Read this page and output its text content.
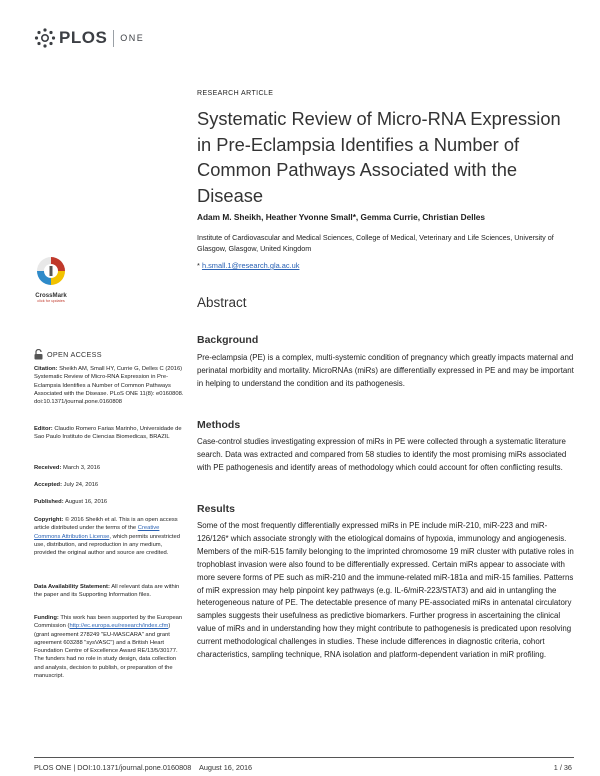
PLOS ONE
RESEARCH ARTICLE
Systematic Review of Micro-RNA Expression in Pre-Eclampsia Identifies a Number of Common Pathways Associated with the Disease
Adam M. Sheikh, Heather Yvonne Small*, Gemma Currie, Christian Delles
Institute of Cardiovascular and Medical Sciences, College of Medical, Veterinary and Life Sciences, University of Glasgow, Glasgow, United Kingdom
* h.small.1@research.gla.ac.uk
Abstract
Background

Pre-eclampsia (PE) is a complex, multi-systemic condition of pregnancy which greatly impacts maternal and perinatal morbidity and mortality. MicroRNAs (miRs) are differentially expressed in PE and may be important in helping to understand the condition and its pathogenesis.

Methods

Case-control studies investigating expression of miRs in PE were collected through a systematic literature search. Data was extracted and compared from 58 studies to identify the most promising miRs associated with PE pathogenesis and identify areas of methodology which could account for often conflicting results.

Results

Some of the most frequently differentially expressed miRs in PE include miR-210, miR-223 and miR-126/126* which associate strongly with the etiological domains of hypoxia, immunology and angiogenesis. Members of the miR-515 family belonging to the imprinted chromosome 19 miR cluster with putative roles in trophoblast invasion were also found to be differentially expressed. Certain miRs appear to associate with more severe forms of PE such as miR-210 and the immune-related miR-181a and miR-15 families. Patterns of miR expression may help pinpoint key pathways (e.g. IL-6/miR-223/STAT3) and aid in untangling the heterogeneous nature of PE. The detectable presence of many PE-associated miRs in antenatal circulatory samples suggests their usefulness as predictive biomarkers. Further progress in ascertaining the clinical value of miRs and in understanding how they might contribute to pathogenesis is predicated upon resolving current methodological challenges in studies. These include differences in diagnostic criteria, cohort characteristics, sampling technique, RNA isolation and platform-dependent variation in miR profiling.

CrossMark
click for updates
OPEN ACCESS
Citation: Sheikh AM, Small HY, Currie G, Delles C (2016) Systematic Review of Micro-RNA Expression in Pre-Eclampsia Identifies a Number of Common Pathways Associated with the Disease. PLoS ONE 11(8): e0160808. doi:10.1371/journal.pone.0160808
Editor: Claudio Romero Farias Marinho, Universidade de Sao Paulo Instituto de Ciencias Biomedicas, BRAZIL
Received: March 3, 2016
Accepted: July 24, 2016
Published: August 16, 2016
Copyright: © 2016 Sheikh et al. This is an open access article distributed under the terms of the Creative Commons Attribution License, which permits unrestricted use, distribution, and reproduction in any medium, provided the original author and source are credited.
Data Availability Statement: All relevant data are within the paper and its Supporting Information files.
Funding: This work has been supported by the European Commission (http://ec.europa.eu/research/index.cfm) (grant agreement 278249 "EU-MASCARA" and grant agreement 603288 "sysVASC") and a British Heart Foundation Centre of Excellence Award RE/13/5/30177. The funders had no role in study design, data collection and analysis, decision to publish, or preparation of the manuscript.
PLOS ONE | DOI:10.1371/journal.pone.0160808    August 16, 2016	1 / 36
